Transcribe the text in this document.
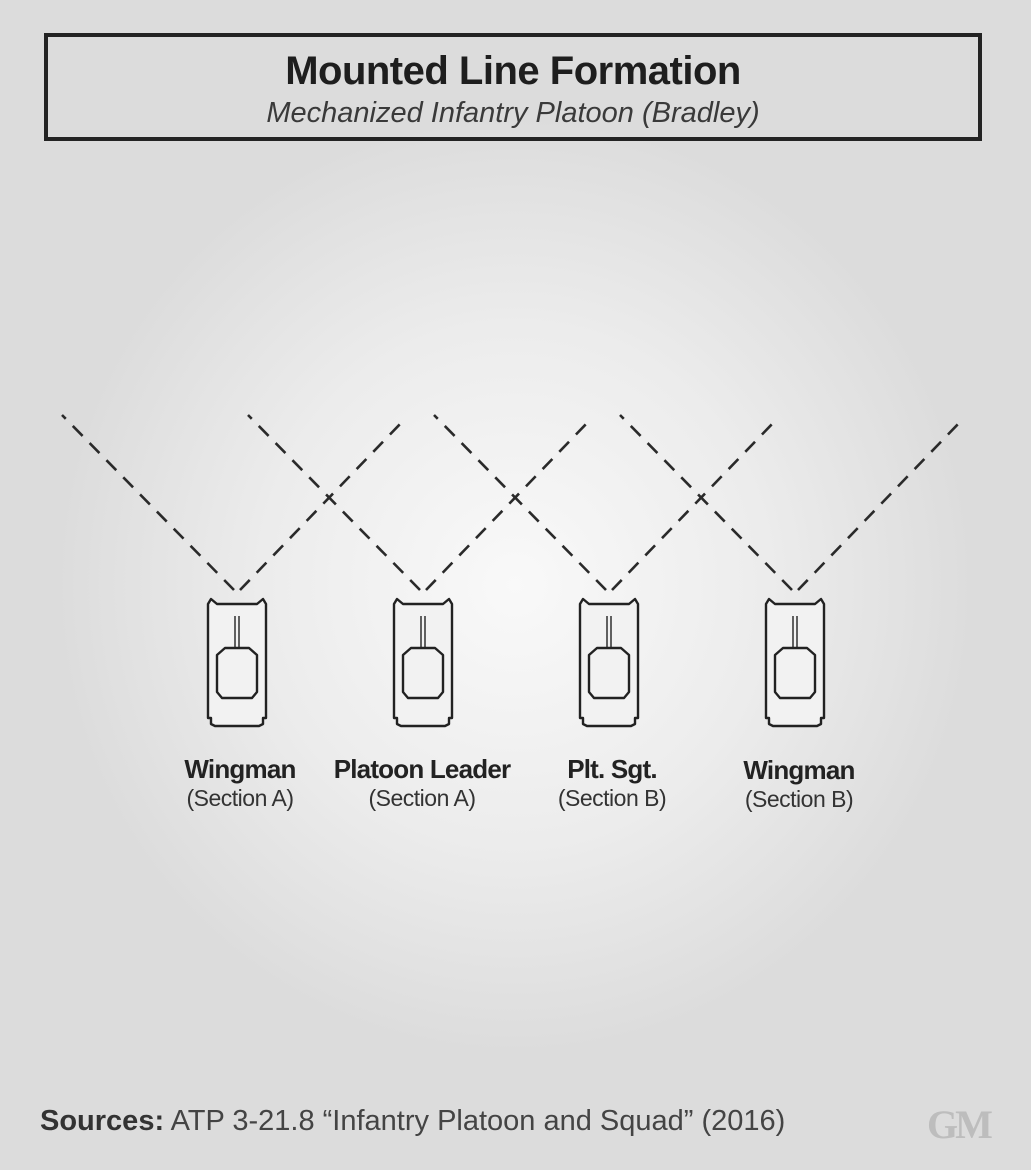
Mounted Line Formation
Mechanized Infantry Platoon (Bradley)
Wingman
(Section A)
Platoon Leader
(Section A)
Plt. Sgt.
(Section B)
Wingman
(Section B)
Sources: ATP 3-21.8 “Infantry Platoon and Squad” (2016)	GM
